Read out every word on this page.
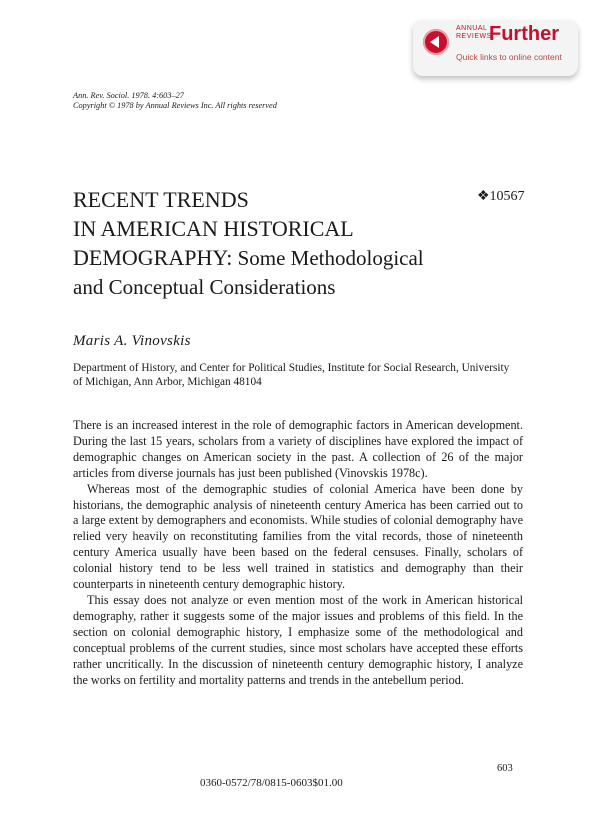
ANNUAL
REVIEWS
Further
Quick links to online content
Ann. Rev. Sociol. 1978. 4:603–27
Copyright © 1978 by Annual Reviews Inc. All rights reserved
RECENT TRENDS
IN AMERICAN HISTORICAL
DEMOGRAPHY: Some Methodological
and Conceptual Considerations
❖10567
Maris A. Vinovskis
Department of History, and Center for Political Studies, Institute for Social Research, University of Michigan, Ann Arbor, Michigan 48104

There is an increased interest in the role of demographic factors in American development. During the last 15 years, scholars from a variety of disciplines have explored the impact of demographic changes on American society in the past. A collection of 26 of the major articles from diverse journals has just been published (Vinovskis 1978c).

Whereas most of the demographic studies of colonial America have been done by historians, the demographic analysis of nineteenth century America has been carried out to a large extent by demographers and economists. While studies of colonial demography have relied very heavily on reconstituting families from the vital records, those of nineteenth century America usually have been based on the federal censuses. Finally, scholars of colonial history tend to be less well trained in statistics and demography than their counterparts in nineteenth century demographic history.

This essay does not analyze or even mention most of the work in American historical demography, rather it suggests some of the major issues and problems of this field. In the section on colonial demographic history, I emphasize some of the methodological and conceptual problems of the current studies, since most scholars have accepted these efforts rather uncritically. In the discussion of nineteenth century demographic history, I analyze the works on fertility and mortality patterns and trends in the antebellum period.

603
0360-0572/78/0815-0603$01.00
